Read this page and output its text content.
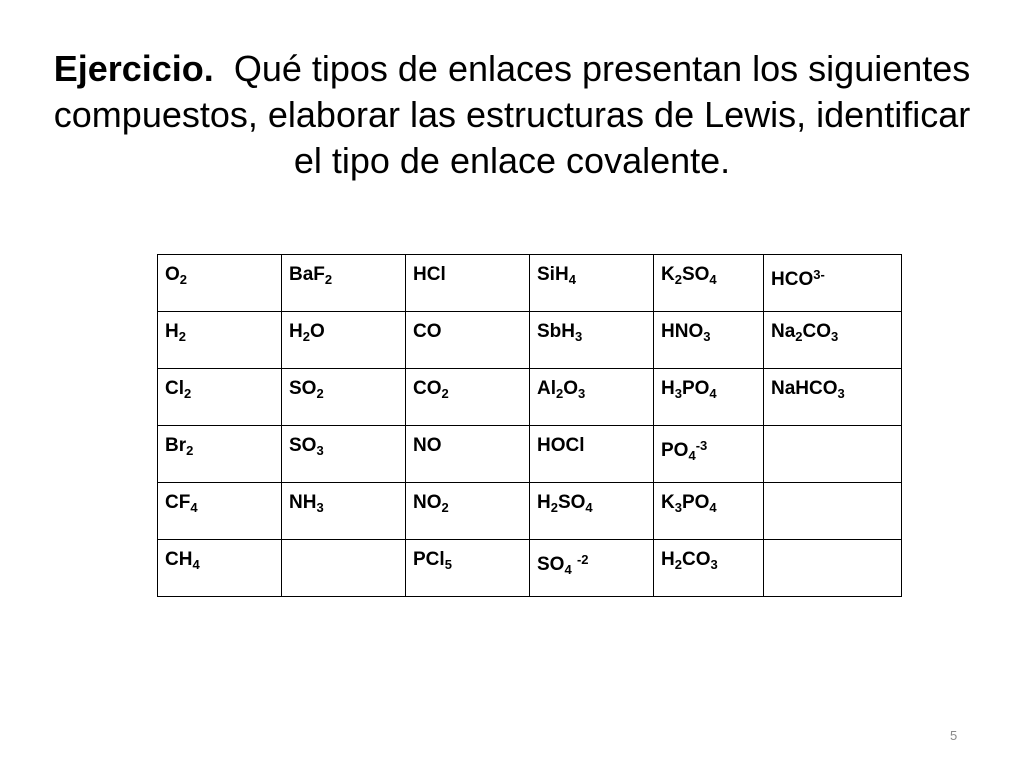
Ejercicio. Qué tipos de enlaces presentan los siguientes compuestos, elaborar las estructuras de Lewis, identificar el tipo de enlace covalente.
$O_2$	BaF$_2$	HCl	SiH$_4$	$K_2SO_4$	$HCO^{3-}$
$H_2$	$H_2O$	CO	SbH$_3$	$HNO_3$	$Na_2CO_3$
$Cl_2$	$SO_2$	$CO_2$	$Al_2O_3$	$H_3PO_4$	NaHCO$_3$
$Br_2$	$SO_3$	NO	HOCl	$PO_4^{-3}$	
$CF_4$	$NH_3$	$NO_2$	$H_2SO_4$	$K_3PO_4$	
$CH_4$		PCl$_5$	$SO_4$ $^{-2}$	$H_2CO_3$	
5
